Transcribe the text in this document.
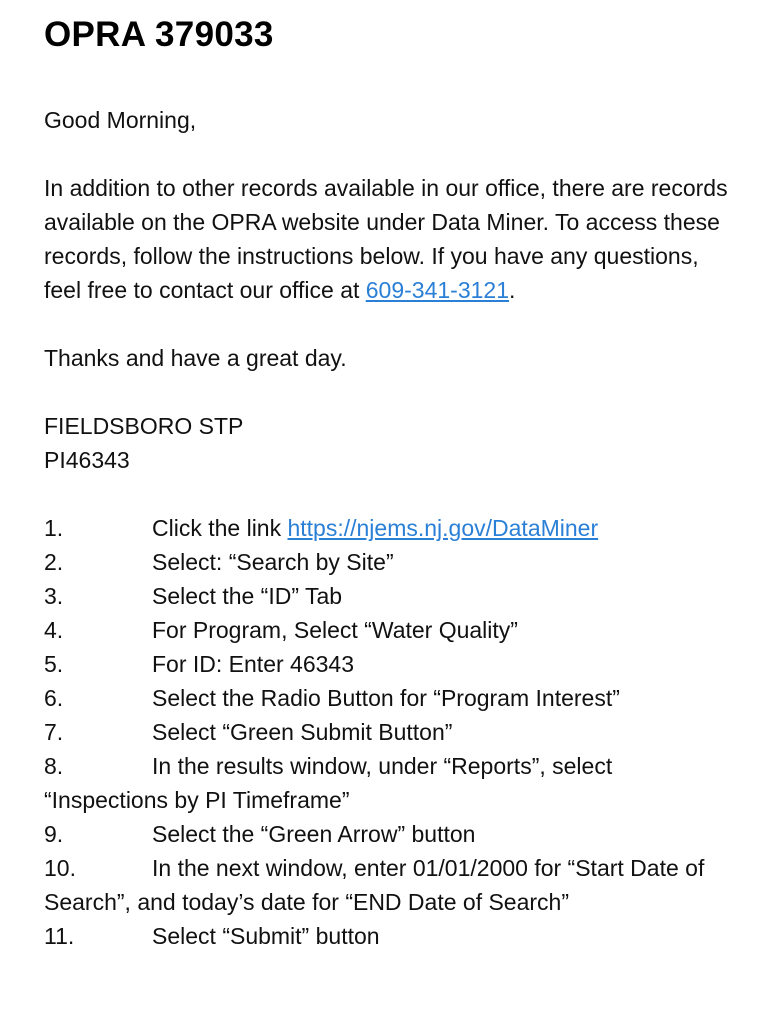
OPRA 379033

Good Morning,

In addition to other records available in our office, there are records available on the OPRA website under Data Miner. To access these records, follow the instructions below. If you have any questions, feel free to contact our office at 609-341-3121.

Thanks and have a great day.

FIELDSBORO STP

PI46343

1.	Click the link https://njems.nj.gov/DataMiner
2.	Select: “Search by Site”
3.	Select the “ID” Tab
4.	For Program, Select “Water Quality”
5.	For ID: Enter 46343
6.	Select the Radio Button for “Program Interest”
7.	Select “Green Submit Button”
8.	In the results window, under “Reports”, select “Inspections by PI Timeframe”
9.	Select the “Green Arrow” button
10.	In the next window, enter 01/01/2000 for “Start Date of Search”, and today’s date for “END Date of Search”
11.	Select “Submit” button
